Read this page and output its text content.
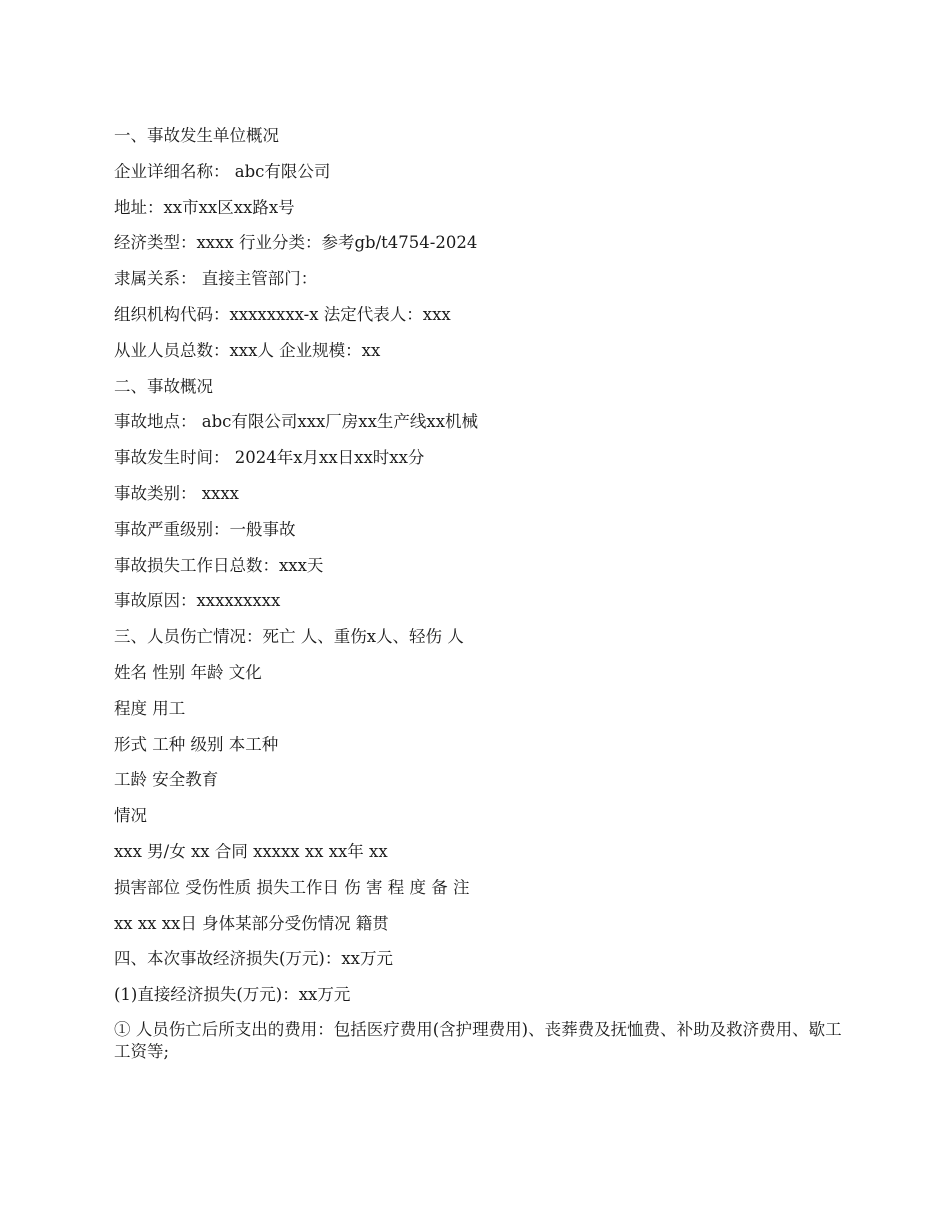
一、事故发生单位概况
企业详细名称： abc有限公司
地址：xx市xx区xx路x号
经济类型：xxxx 行业分类：参考gb/t4754-2024
隶属关系： 直接主管部门：
组织机构代码：xxxxxxxx-x 法定代表人：xxx
从业人员总数：xxx人 企业规模：xx
二、事故概况
事故地点： abc有限公司xxx厂房xx生产线xx机械
事故发生时间： 2024年x月xx日xx时xx分
事故类别： xxxx
事故严重级别：一般事故
事故损失工作日总数：xxx天
事故原因：xxxxxxxxx
三、人员伤亡情况：死亡 人、重伤x人、轻伤 人
姓名 性别 年龄 文化
程度 用工
形式 工种 级别 本工种
工龄 安全教育
情况
xxx 男/女 xx 合同 xxxxx xx xx年 xx
损害部位 受伤性质 损失工作日 伤 害 程 度 备 注
xx xx xx日 身体某部分受伤情况 籍贯
四、本次事故经济损失(万元)：xx万元
(1)直接经济损失(万元)：xx万元

① 人员伤亡后所支出的费用：包括医疗费用(含护理费用)、丧葬费及抚恤费、补助及救济费用、歇工工资等;
